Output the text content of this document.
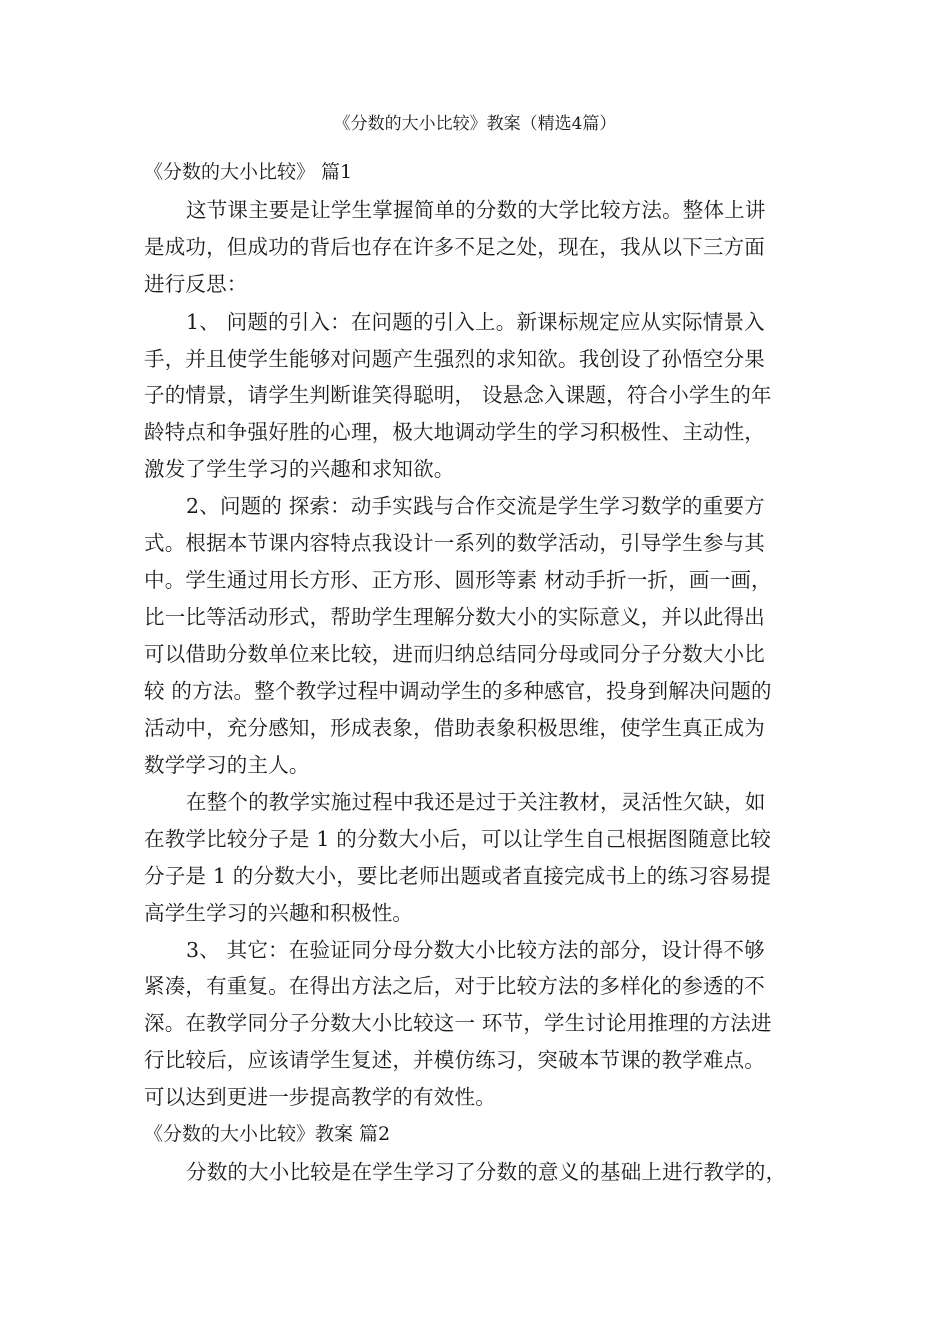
《分数的大小比较》教案（精选4篇）
《分数的大小比较》 篇1
这节课主要是让学生掌握简单的分数的大学比较方法。整体上讲
是成功，但成功的背后也存在许多不足之处，现在，我从以下三方面
进行反思：
1、 问题的引入：在问题的引入上。新课标规定应从实际情景入
手，并且使学生能够对问题产生强烈的求知欲。我创设了孙悟空分果
子的情景，请学生判断谁笑得聪明， 设悬念入课题，符合小学生的年
龄特点和争强好胜的心理，极大地调动学生的学习积极性、主动性，
激发了学生学习的兴趣和求知欲。
2、问题的 探索：动手实践与合作交流是学生学习数学的重要方
式。根据本节课内容特点我设计一系列的数学活动，引导学生参与其
中。学生通过用长方形、正方形、圆形等素 材动手折一折，画一画，
比一比等活动形式，帮助学生理解分数大小的实际意义，并以此得出
可以借助分数单位来比较，进而归纳总结同分母或同分子分数大小比
较 的方法。整个教学过程中调动学生的多种感官，投身到解决问题的
活动中，充分感知，形成表象，借助表象积极思维，使学生真正成为
数学学习的主人。
在整个的教学实施过程中我还是过于关注教材，灵活性欠缺，如
在教学比较分子是 1 的分数大小后，可以让学生自己根据图随意比较
分子是 1 的分数大小，要比老师出题或者直接完成书上的练习容易提
高学生学习的兴趣和积极性。
3、 其它：在验证同分母分数大小比较方法的部分，设计得不够
紧凑，有重复。在得出方法之后，对于比较方法的多样化的参透的不
深。在教学同分子分数大小比较这一 环节，学生讨论用推理的方法进
行比较后，应该请学生复述，并模仿练习，突破本节课的教学难点。
可以达到更进一步提高教学的有效性。
《分数的大小比较》教案 篇2
分数的大小比较是在学生学习了分数的意义的基础上进行教学的，
